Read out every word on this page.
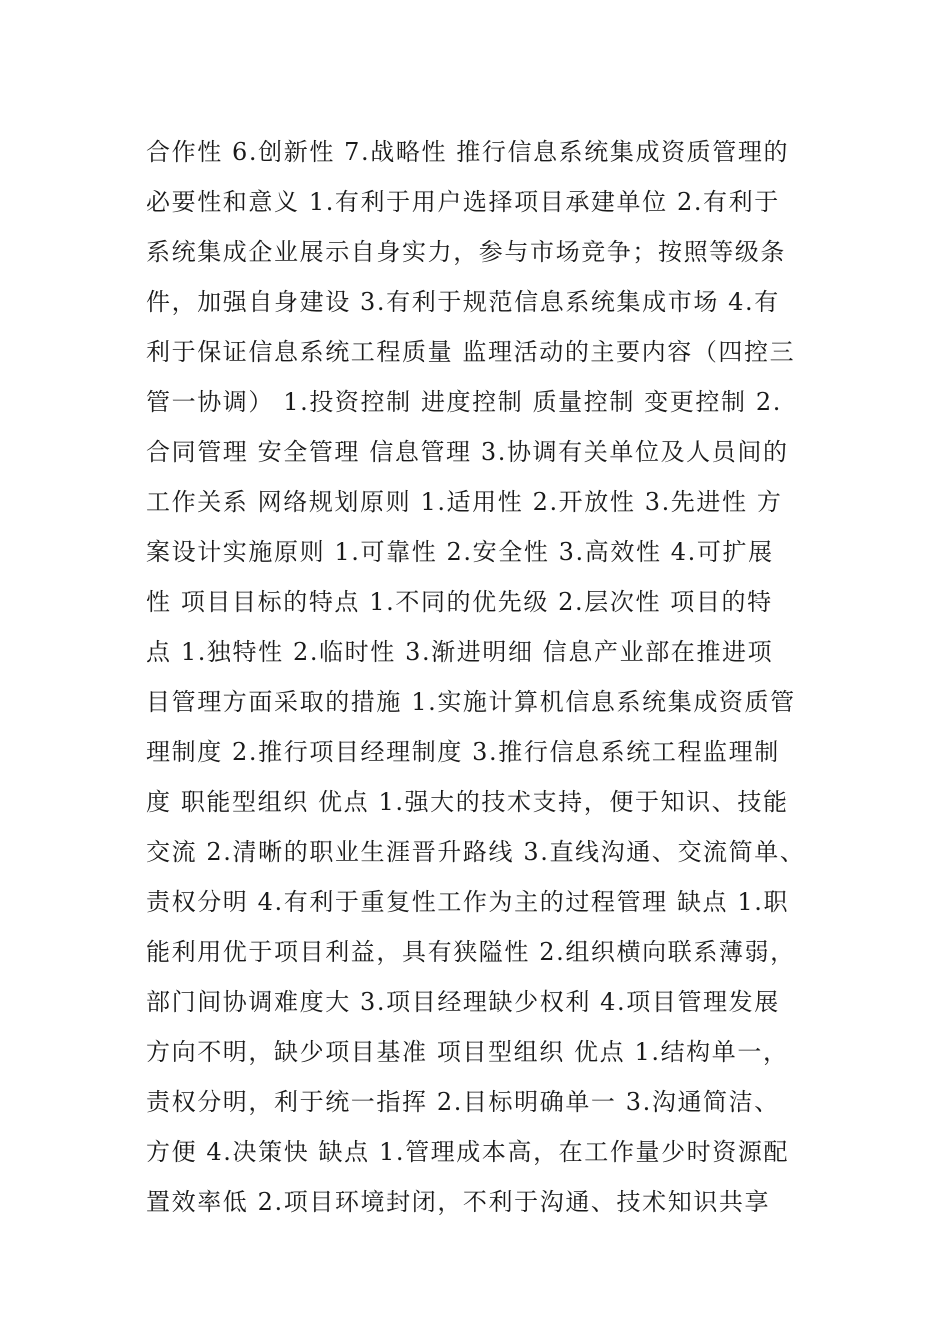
合作性 6.创新性 7.战略性 推行信息系统集成资质管理的
必要性和意义 1.有利于用户选择项目承建单位 2.有利于
系统集成企业展示自身实力，参与市场竞争；按照等级条
件，加强自身建设 3.有利于规范信息系统集成市场 4.有
利于保证信息系统工程质量 监理活动的主要内容（四控三
管一协调） 1.投资控制 进度控制 质量控制 变更控制 2.
合同管理 安全管理 信息管理 3.协调有关单位及人员间的
工作关系 网络规划原则 1.适用性 2.开放性 3.先进性 方
案设计实施原则 1.可靠性 2.安全性 3.高效性 4.可扩展
性 项目目标的特点 1.不同的优先级 2.层次性 项目的特
点 1.独特性 2.临时性 3.渐进明细 信息产业部在推进项
目管理方面采取的措施 1.实施计算机信息系统集成资质管
理制度 2.推行项目经理制度 3.推行信息系统工程监理制
度 职能型组织 优点 1.强大的技术支持，便于知识、技能
交流 2.清晰的职业生涯晋升路线 3.直线沟通、交流简单、
责权分明 4.有利于重复性工作为主的过程管理 缺点 1.职
能利用优于项目利益，具有狭隘性 2.组织横向联系薄弱，
部门间协调难度大 3.项目经理缺少权利 4.项目管理发展
方向不明，缺少项目基准 项目型组织 优点 1.结构单一，
责权分明，利于统一指挥 2.目标明确单一 3.沟通简洁、
方便 4.决策快 缺点 1.管理成本高，在工作量少时资源配
置效率低 2.项目环境封闭，不利于沟通、技术知识共享
